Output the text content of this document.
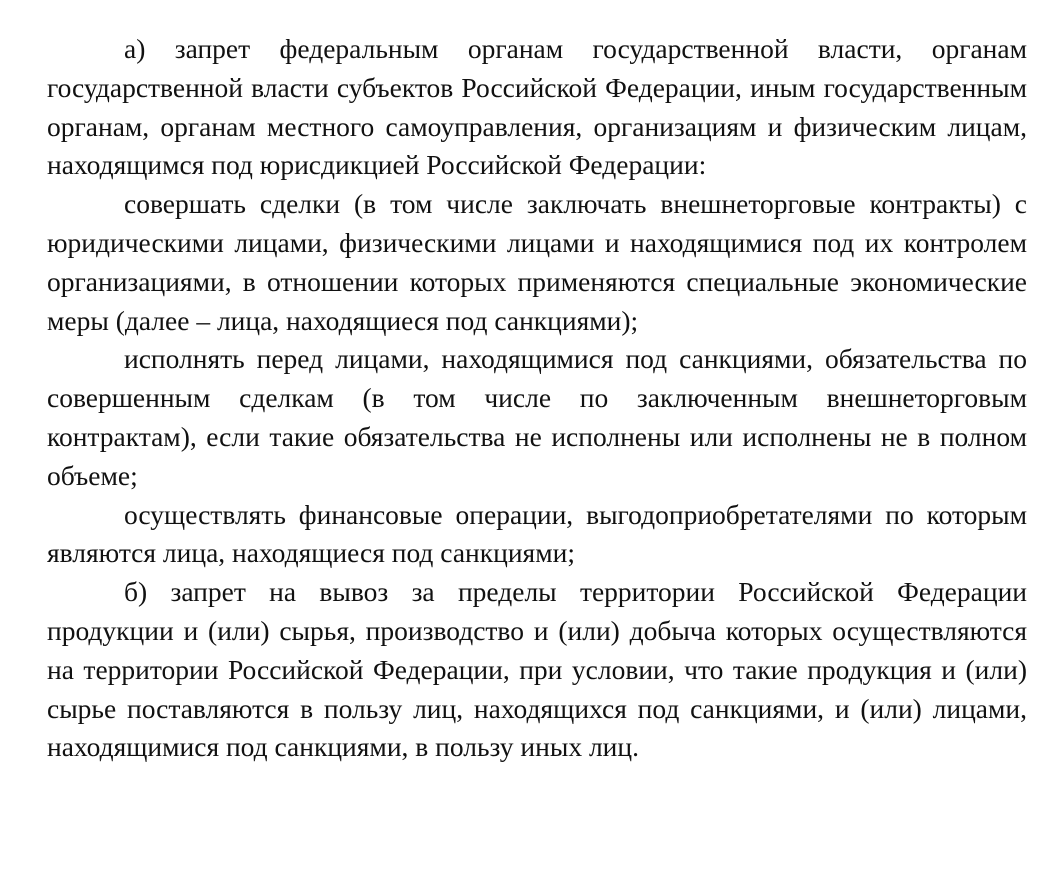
а) запрет федеральным органам государственной власти, органам государственной власти субъектов Российской Федерации, иным государственным органам, органам местного самоуправления, организациям и физическим лицам, находящимся под юрисдикцией Российской Федерации:

совершать сделки (в том числе заключать внешнеторговые контракты) с юридическими лицами, физическими лицами и находящимися под их контролем организациями, в отношении которых применяются специальные экономические меры (далее – лица, находящиеся под санкциями);

исполнять перед лицами, находящимися под санкциями, обязательства по совершенным сделкам (в том числе по заключенным внешнеторговым контрактам), если такие обязательства не исполнены или исполнены не в полном объеме;

осуществлять финансовые операции, выгодоприобретателями по которым являются лица, находящиеся под санкциями;

б) запрет на вывоз за пределы территории Российской Федерации продукции и (или) сырья, производство и (или) добыча которых осуществляются на территории Российской Федерации, при условии, что такие продукция и (или) сырье поставляются в пользу лиц, находящихся под санкциями, и (или) лицами, находящимися под санкциями, в пользу иных лиц.
